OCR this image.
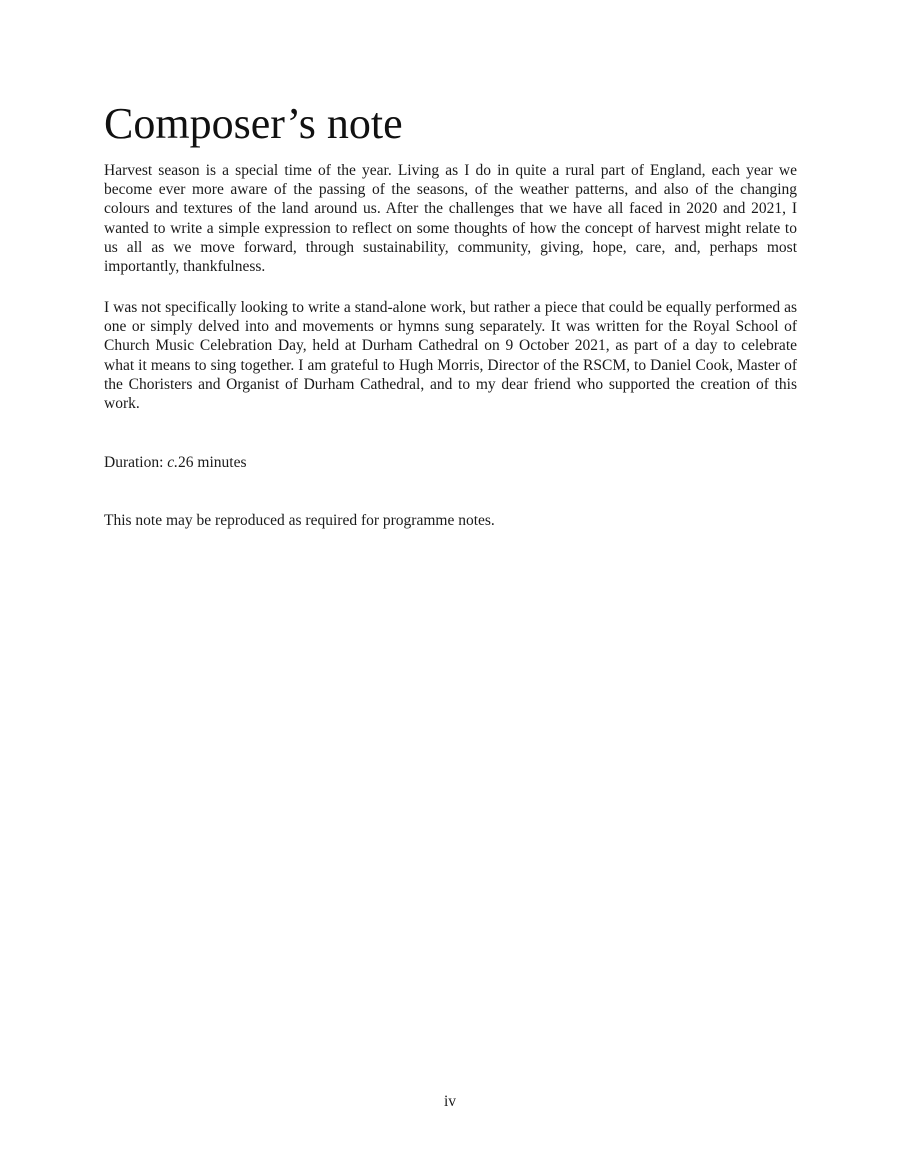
Composer’s note

Harvest season is a special time of the year. Living as I do in quite a rural part of England, each year we become ever more aware of the passing of the seasons, of the weather patterns, and also of the changing colours and textures of the land around us. After the challenges that we have all faced in 2020 and 2021, I wanted to write a simple expression to reflect on some thoughts of how the concept of harvest might relate to us all as we move forward, through sustainability, community, giving, hope, care, and, perhaps most importantly, thankfulness.

I was not specifically looking to write a stand-alone work, but rather a piece that could be equally performed as one or simply delved into and movements or hymns sung separately. It was written for the Royal School of Church Music Celebration Day, held at Durham Cathedral on 9 October 2021, as part of a day to celebrate what it means to sing together. I am grateful to Hugh Morris, Director of the RSCM, to Daniel Cook, Master of the Choristers and Organist of Durham Cathedral, and to my dear friend who supported the creation of this work.

Duration: c.26 minutes

This note may be reproduced as required for programme notes.

iv
